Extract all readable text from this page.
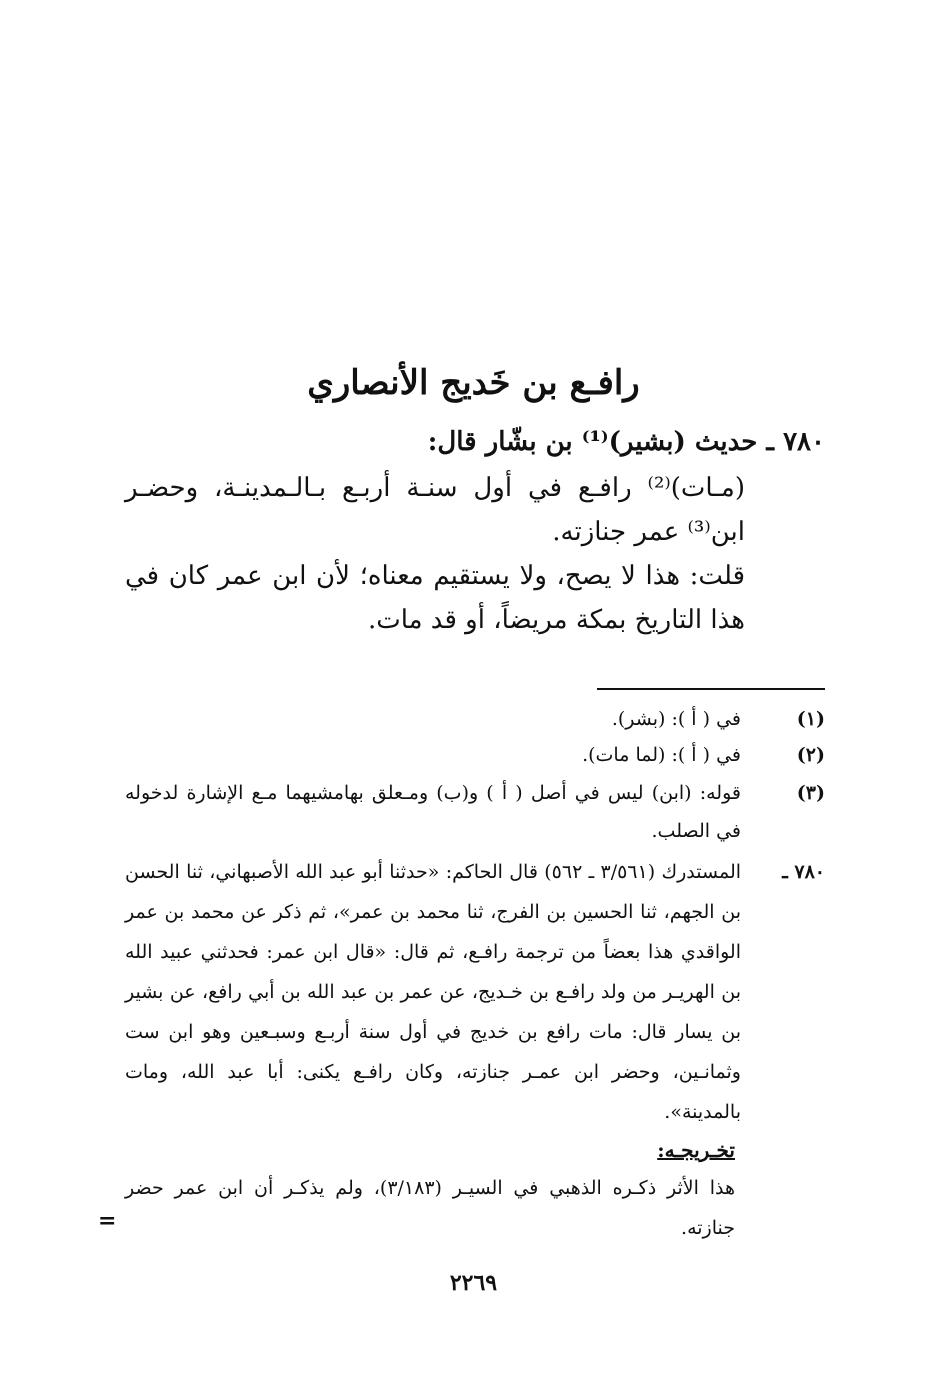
رافـع بن خَديج الأنصاري

٧٨٠ ـ حديث (بشير)⁽¹⁾ بن بشّار قال:

(مـات)⁽²⁾ رافـع في أول سنـة أربـع بـالـمدينـة، وحضـر ابن⁽³⁾ عمر جنازته.

قلت: هذا لا يصح، ولا يستقيم معناه؛ لأن ابن عمر كان في هذا التاريخ بمكة مريضاً، أو قد مات.

(١)
في ( أ ): (بشر).
(٢)
في ( أ ): (لما مات).
(٣)
قوله: (ابن) ليس في أصل ( أ ) و(ب) ومـعلق بهامشيهما مـع الإشارة لدخوله في الصلب.
٧٨٠ ـ
المستدرك (٣/٥٦١ ـ ٥٦٢) قال الحاكم: «حدثنا أبو عبد الله الأصبهاني، ثنا الحسن بن الجهم، ثنا الحسين بن الفرج، ثنا محمد بن عمر»، ثم ذكر عن محمد بن عمر الواقدي هذا بعضاً من ترجمة رافـع، ثم قال: «قال ابن عمر: فحدثني عبيد الله بن الهريـر من ولد رافـع بن خـديج، عن عمر بن عبد الله بن أبي رافع، عن بشير بن يسار قال: مات رافع بن خديج في أول سنة أربـع وسبـعين وهو ابن ست وثمانـين، وحضر ابن عمـر جنازته، وكان رافـع يكنى: أبا عبد الله، ومات بالمدينة».
تخـريجـه:
هذا الأثر ذكـره الذهبي في السيـر (٣/١٨٣)، ولم يذكـر أن ابن عمر حضر جنازته.
=
٢٢٦٩
